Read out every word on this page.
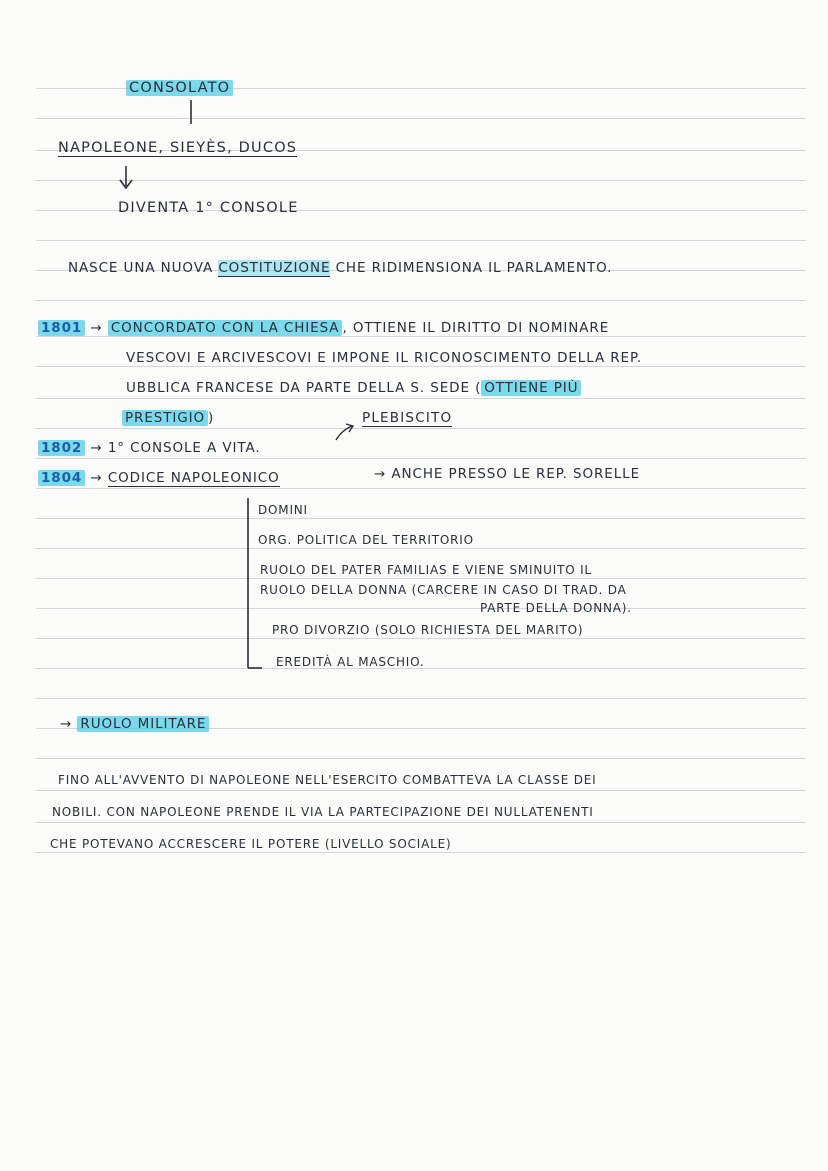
CONSOLATO
NAPOLEONE, SIEYÈS, DUCOS
DIVENTA 1° CONSOLE
NASCE UNA NUOVA COSTITUZIONE CHE RIDIMENSIONA IL PARLAMENTO.
1801 → CONCORDATO CON LA CHIESA , OTTIENE IL DIRITTO DI NOMINARE
VESCOVI E ARCIVESCOVI E IMPONE IL RICONOSCIMENTO DELLA REP.
UBBLICA FRANCESE DA PARTE DELLA S. SEDE ( OTTIENE PIÙ
PRESTIGIO )	PLEBISCITO
1802 → 1° CONSOLE A VITA.
1804 → CODICE NAPOLEONICO	→ ANCHE PRESSO LE REP. SORELLE
DOMINI
ORG. POLITICA DEL TERRITORIO
RUOLO DEL PATER FAMILIAS E VIENE SMINUITO IL
RUOLO DELLA DONNA (CARCERE IN CASO DI TRAD. DA
PARTE DELLA DONNA).
PRO DIVORZIO (SOLO RICHIESTA DEL MARITO)
EREDITÀ AL MASCHIO.
→ RUOLO MILITARE
FINO ALL'AVVENTO DI NAPOLEONE NELL'ESERCITO COMBATTEVA LA CLASSE DEI
NOBILI. CON NAPOLEONE PRENDE IL VIA LA PARTECIPAZIONE DEI NULLATENENTI
CHE POTEVANO ACCRESCERE IL POTERE (LIVELLO SOCIALE)
